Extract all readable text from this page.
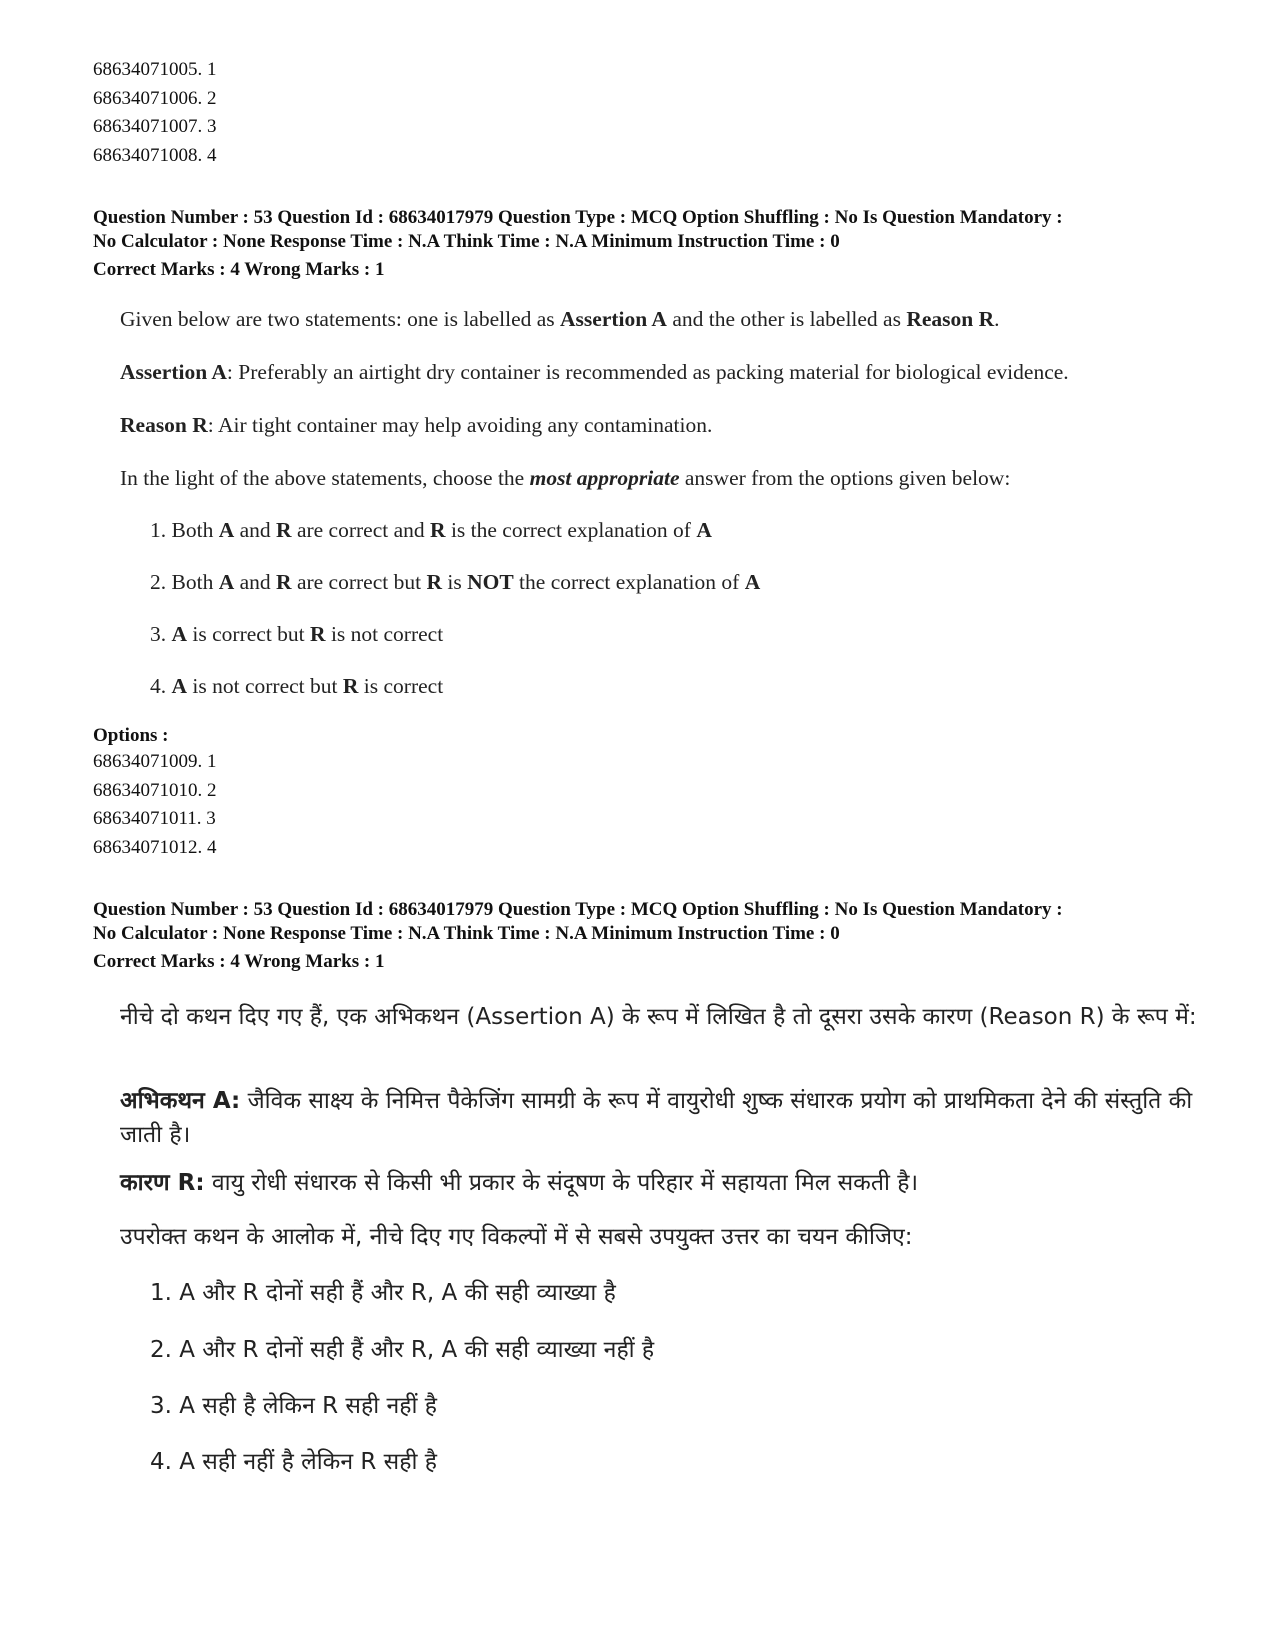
68634071005. 1
68634071006. 2
68634071007. 3
68634071008. 4
Question Number : 53 Question Id : 68634017979 Question Type : MCQ Option Shuffling : No Is Question Mandatory :
No Calculator : None Response Time : N.A Think Time : N.A Minimum Instruction Time : 0
Correct Marks : 4 Wrong Marks : 1

Given below are two statements: one is labelled as Assertion A and the other is labelled as Reason R.

Assertion A: Preferably an airtight dry container is recommended as packing material for biological evidence.

Reason R: Air tight container may help avoiding any contamination.

In the light of the above statements, choose the most appropriate answer from the options given below:

1. Both A and R are correct and R is the correct explanation of A

2. Both A and R are correct but R is NOT the correct explanation of A

3. A is correct but R is not correct

4. A is not correct but R is correct

Options :
68634071009. 1
68634071010. 2
68634071011. 3
68634071012. 4
Question Number : 53 Question Id : 68634017979 Question Type : MCQ Option Shuffling : No Is Question Mandatory :
No Calculator : None Response Time : N.A Think Time : N.A Minimum Instruction Time : 0
Correct Marks : 4 Wrong Marks : 1

नीचे दो कथन दिए गए हैं, एक अभिकथन (Assertion A) के रूप में लिखित है तो दूसरा उसके कारण (Reason R) के रूप में:

अभिकथन A: जैविक साक्ष्य के निमित्त पैकेजिंग सामग्री के रूप में वायुरोधी शुष्क संधारक प्रयोग को प्राथमिकता देने की संस्तुति की जाती है।

कारण R: वायु रोधी संधारक से किसी भी प्रकार के संदूषण के परिहार में सहायता मिल सकती है।

उपरोक्त कथन के आलोक में, नीचे दिए गए विकल्पों में से सबसे उपयुक्त उत्तर का चयन कीजिए:

1. A और R दोनों सही हैं और R, A की सही व्याख्या है

2. A और R दोनों सही हैं और R, A की सही व्याख्या नहीं है

3. A सही है लेकिन R सही नहीं है

4. A सही नहीं है लेकिन R सही है
